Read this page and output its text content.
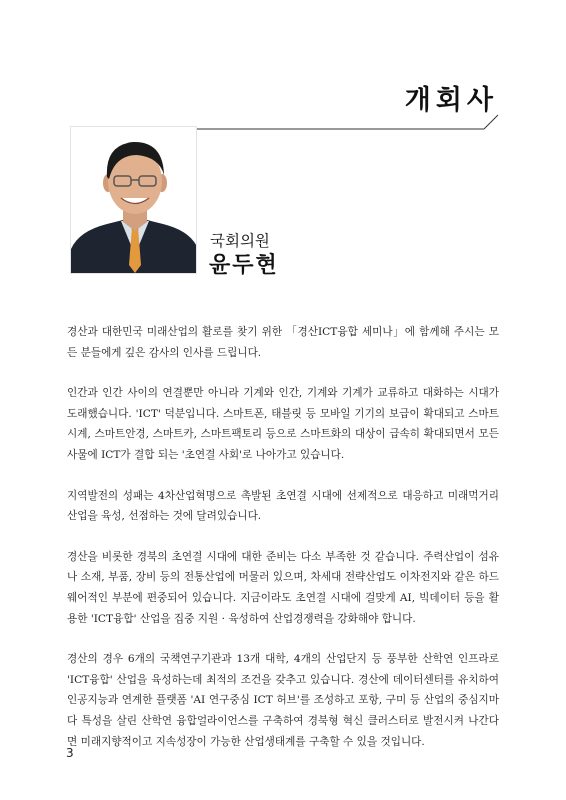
개회사
국회의원
윤두현

경산과 대한민국 미래산업의 활로를 찾기 위한 「경산ICT융합 세미나」에 함께해 주시는 모든 분들에게 깊은 감사의 인사를 드립니다.

인간과 인간 사이의 연결뿐만 아니라 기계와 인간, 기계와 기계가 교류하고 대화하는 시대가 도래했습니다. 'ICT' 덕분입니다. 스마트폰, 태블릿 등 모바일 기기의 보급이 확대되고 스마트시계, 스마트안경, 스마트카, 스마트팩토리 등으로 스마트화의 대상이 급속히 확대되면서 모든 사물에 ICT가 결합 되는 '초연결 사회'로 나아가고 있습니다.

지역발전의 성패는 4차산업혁명으로 촉발된 초연결 시대에 선제적으로 대응하고 미래먹거리산업을 육성, 선점하는 것에 달려있습니다.

경산을 비롯한 경북의 초연결 시대에 대한 준비는 다소 부족한 것 같습니다. 주력산업이 섬유나 소재, 부품, 장비 등의 전통산업에 머물러 있으며, 차세대 전략산업도 이차전지와 같은 하드웨어적인 부분에 편중되어 있습니다. 지금이라도 초연결 시대에 걸맞게 AI, 빅데이터 등을 활용한 'ICT융합' 산업을 집중 지원 · 육성하여 산업경쟁력을 강화해야 합니다.

경산의 경우 6개의 국책연구기관과 13개 대학, 4개의 산업단지 등 풍부한 산학연 인프라로 'ICT융합' 산업을 육성하는데 최적의 조건을 갖추고 있습니다. 경산에 데이터센터를 유치하여 인공지능과 연계한 플랫폼 'AI 연구중심 ICT 허브'를 조성하고 포항, 구미 등 산업의 중심지마다 특성을 살린 산학연 융합얼라이언스를 구축하여 경북형 혁신 클러스터로 발전시켜 나간다면 미래지향적이고 지속성장이 가능한 산업생태계를 구축할 수 있을 것입니다.

3
